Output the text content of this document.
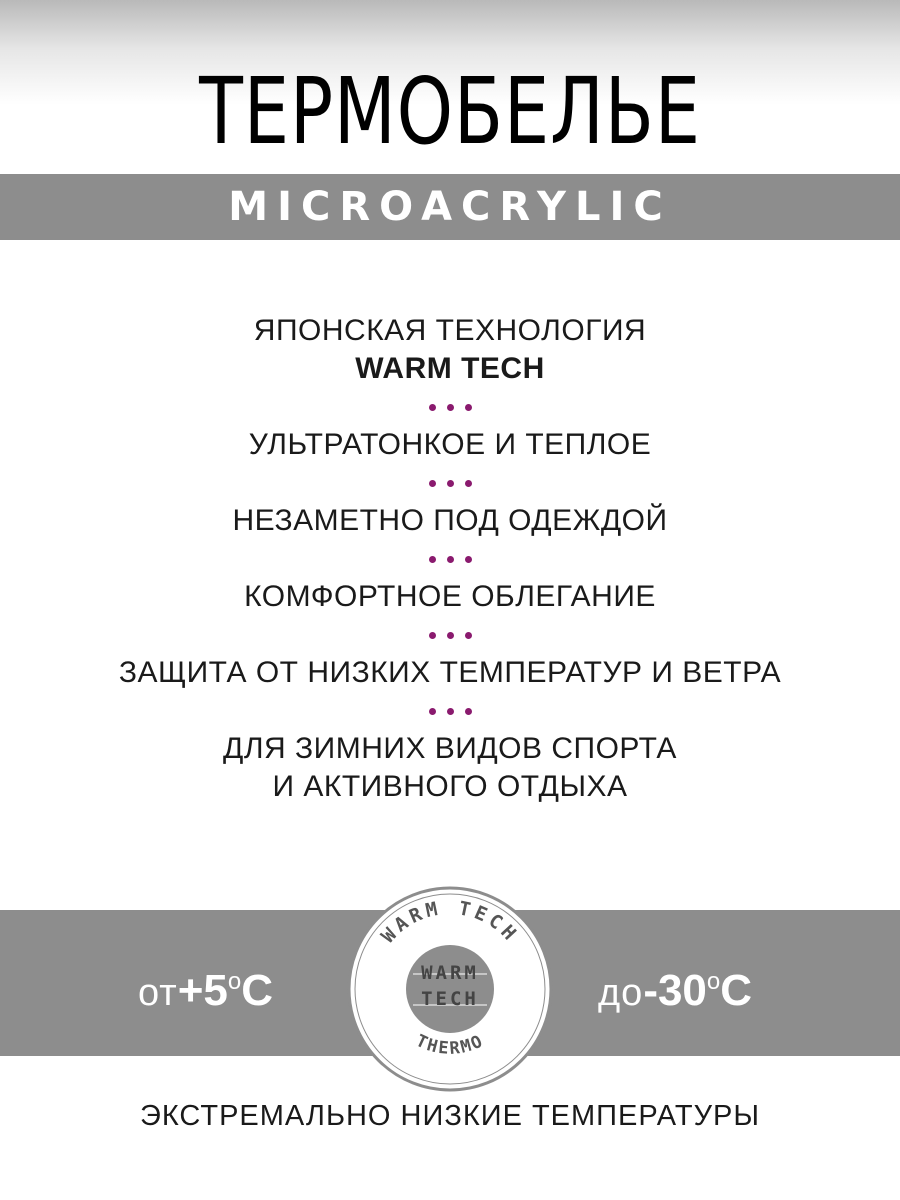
ТЕРМОБЕЛЬЕ
MICROACRYLIC
ЯПОНСКАЯ ТЕХНОЛОГИЯ
WARM TECH
УЛЬТРАТОНКОЕ И ТЕПЛОЕ
НЕЗАМЕТНО ПОД ОДЕЖДОЙ
КОМФОРТНОЕ ОБЛЕГАНИЕ
ЗАЩИТА ОТ НИЗКИХ ТЕМПЕРАТУР И ВЕТРА
ДЛЯ ЗИМНИХ ВИДОВ СПОРТА
И АКТИВНОГО ОТДЫХА
от+5оC	до-30оC
WARM TECH
WARM
TECH
THERMO
ЭКСТРЕМАЛЬНО НИЗКИЕ ТЕМПЕРАТУРЫ
